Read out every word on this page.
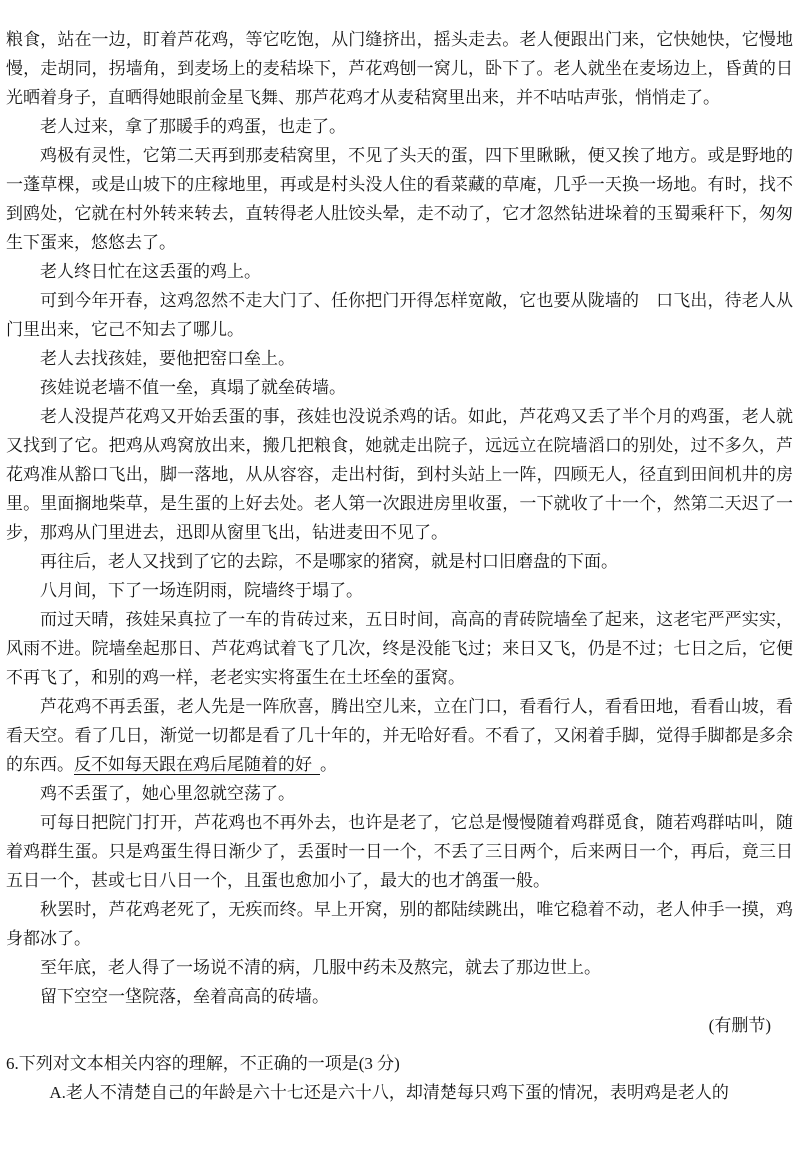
粮食，站在一边，盯着芦花鸡，等它吃饱，从门缝挤出，摇头走去。老人便跟出门来，它快她快，它慢地慢，走胡同，拐墙角，到麦场上的麦秸垛下，芦花鸡刨一窝儿，卧下了。老人就坐在麦场边上，昏黄的日光晒着身子，直晒得她眼前金星飞舞、那芦花鸡才从麦秸窝里出来，并不咕咕声张，悄悄走了。

老人过来，拿了那暖手的鸡蛋，也走了。

鸡极有灵性，它第二天再到那麦秸窝里，不见了头天的蛋，四下里瞅瞅，便又挨了地方。或是野地的一蓬草棵，或是山坡下的庄稼地里，再或是村头没人住的看菜藏的草庵，几乎一天换一场地。有时，找不到鸥处，它就在村外转来转去，直转得老人肚饺头晕，走不动了，它才忽然钻进垛着的玉蜀乘秆下，匆匆生下蛋来，悠悠去了。

老人终日忙在这丢蛋的鸡上。

可到今年开春，这鸡忽然不走大门了、任你把门开得怎样宽敞，它也要从陇墙的　口飞出，待老人从门里出来，它己不知去了哪儿。

老人去找孩娃，要他把窑口垒上。

孩娃说老墙不值一垒，真塌了就垒砖墙。

老人没提芦花鸡又开始丢蛋的事，孩娃也没说杀鸡的话。如此，芦花鸡又丢了半个月的鸡蛋，老人就又找到了它。把鸡从鸡窝放出来，搬几把粮食，她就走出院子，远远立在院墙滔口的别处，过不多久，芦花鸡准从豁口飞出，脚一落地，从从容容，走出村街，到村头站上一阵，四顾无人，径直到田间机井的房里。里面搁地柴草，是生蛋的上好去处。老人第一次跟进房里收蛋，一下就收了十一个，然第二天迟了一步，那鸡从门里进去，迅即从窗里飞出，钻进麦田不见了。

再往后，老人又找到了它的去踪，不是哪家的猪窝，就是村口旧磨盘的下面。

八月间，下了一场连阴雨，院墙终于塌了。

而过天晴，孩娃呆真拉了一车的肯砖过来，五日时间，高高的青砖院墙垒了起来，这老宅严严实实，风雨不进。院墙垒起那日、芦花鸡试着飞了几次，终是没能飞过；来日又飞，仍是不过；七日之后，它便不再飞了，和别的鸡一样，老老实实将蛋生在土坯垒的蛋窝。

芦花鸡不再丢蛋，老人先是一阵欣喜，腾出空儿来，立在门口，看看行人，看看田地，看看山坡，看看天空。看了几日，渐觉一切都是看了几十年的，并无哈好看。不看了，又闲着手脚，觉得手脚都是多余的东西。反不如每天跟在鸡后尾随着的好 。

鸡不丢蛋了，她心里忽就空荡了。

可每日把院门打开，芦花鸡也不再外去，也许是老了，它总是慢慢随着鸡群觅食，随若鸡群咕叫，随着鸡群生蛋。只是鸡蛋生得日渐少了，丢蛋时一日一个，不丢了三日两个，后来两日一个，再后，竟三日五日一个，甚或七日八日一个，且蛋也愈加小了，最大的也才鸽蛋一般。

秋罢时，芦花鸡老死了，无疾而终。早上开窝，别的都陆续跳出，唯它稳着不动，老人仲手一摸，鸡身都冰了。

至年底，老人得了一场说不清的病，几服中药未及熬完，就去了那边世上。

留下空空一垡院落，垒着高高的砖墙。

(有删节)

6.下列对文本相关内容的理解，不正确的一项是(3 分)

A.老人不清楚自己的年龄是六十七还是六十八，却清楚每只鸡下蛋的情况，表明鸡是老人的
